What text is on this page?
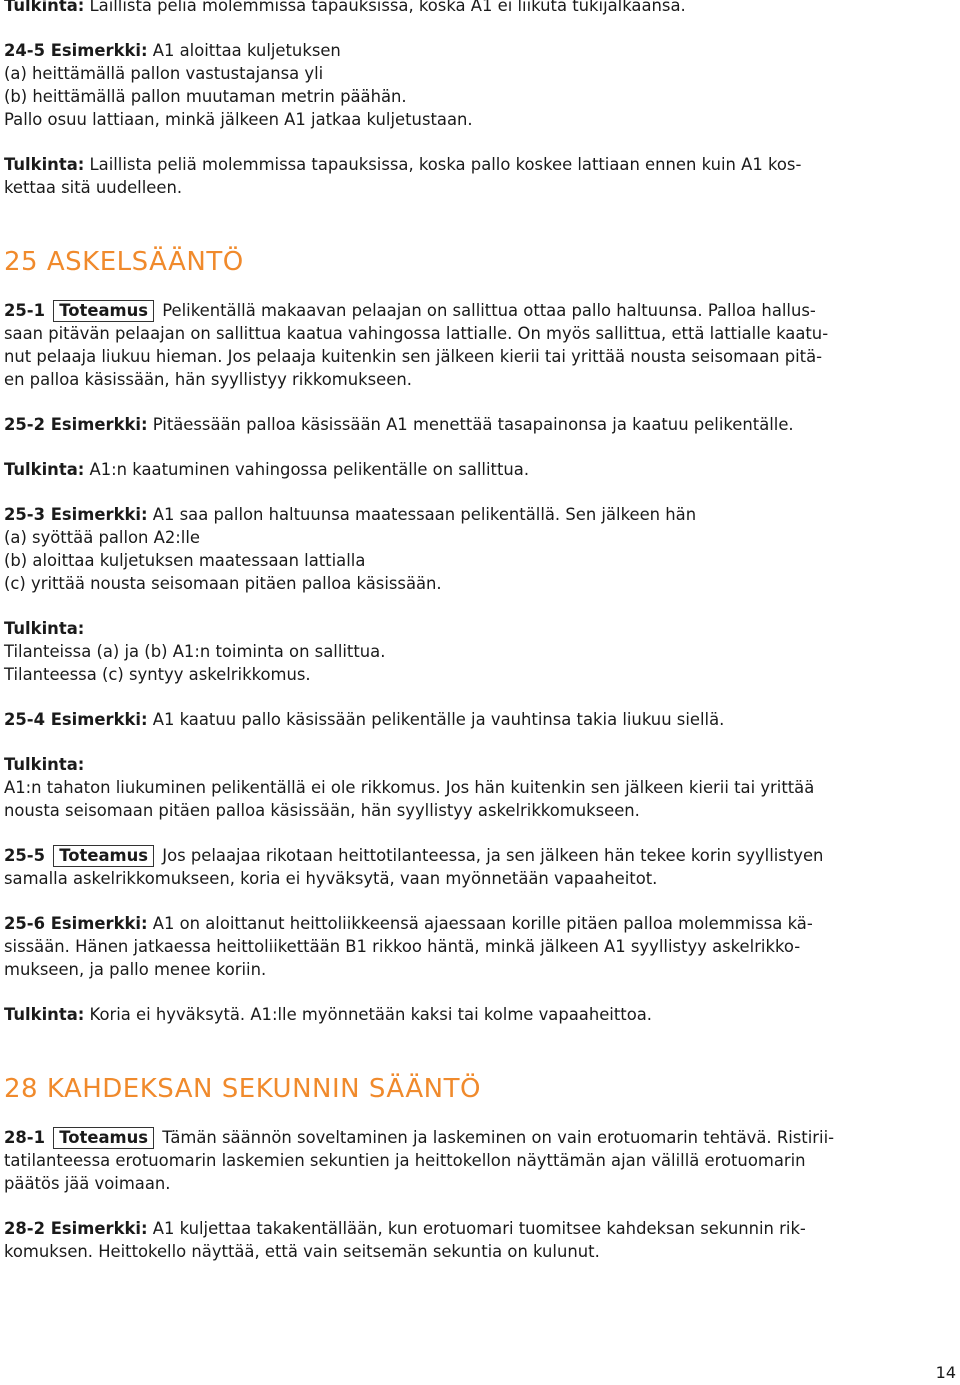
Tulkinta: Laillista peliä molemmissa tapauksissa, koska A1 ei liikuta tukijalkaansa.

24-5 Esimerkki: A1 aloittaa kuljetuksen
(a) heittämällä pallon vastustajansa yli
(b) heittämällä pallon muutaman metrin päähän.
Pallo osuu lattiaan, minkä jälkeen A1 jatkaa kuljetustaan.
Tulkinta: Laillista peliä molemmissa tapauksissa, koska pallo koskee lattiaan ennen kuin A1 kos-
kettaa sitä uudelleen.
25 ASKELSÄÄNTÖ
25-1 Toteamus Pelikentällä makaavan pelaajan on sallittua ottaa pallo haltuunsa. Palloa hallus-
saan pitävän pelaajan on sallittua kaatua vahingossa lattialle. On myös sallittua, että lattialle kaatu-
nut pelaaja liukuu hieman. Jos pelaaja kuitenkin sen jälkeen kierii tai yrittää nousta seisomaan pitä-
en palloa käsissään, hän syyllistyy rikkomukseen.

25-2 Esimerkki: Pitäessään palloa käsissään A1 menettää tasapainonsa ja kaatuu pelikentälle.

Tulkinta: A1:n kaatuminen vahingossa pelikentälle on sallittua.

25-3 Esimerkki: A1 saa pallon haltuunsa maatessaan pelikentällä. Sen jälkeen hän
(a) syöttää pallon A2:lle
(b) aloittaa kuljetuksen maatessaan lattialla
(c) yrittää nousta seisomaan pitäen palloa käsissään.
Tulkinta:
Tilanteissa (a) ja (b) A1:n toiminta on sallittua.
Tilanteessa (c) syntyy askelrikkomus.

25-4 Esimerkki: A1 kaatuu pallo käsissään pelikentälle ja vauhtinsa takia liukuu siellä.

Tulkinta:
A1:n tahaton liukuminen pelikentällä ei ole rikkomus. Jos hän kuitenkin sen jälkeen kierii tai yrittää
nousta seisomaan pitäen palloa käsissään, hän syyllistyy askelrikkomukseen.
25-5 Toteamus Jos pelaajaa rikotaan heittotilanteessa, ja sen jälkeen hän tekee korin syyllistyen
samalla askelrikkomukseen, koria ei hyväksytä, vaan myönnetään vapaaheitot.
25-6 Esimerkki: A1 on aloittanut heittoliikkeensä ajaessaan korille pitäen palloa molemmissa kä-
sissään. Hänen jatkaessa heittoliikettään B1 rikkoo häntä, minkä jälkeen A1 syyllistyy askelrikko-
mukseen, ja pallo menee koriin.

Tulkinta: Koria ei hyväksytä. A1:lle myönnetään kaksi tai kolme vapaaheittoa.

28 KAHDEKSAN SEKUNNIN SÄÄNTÖ
28-1 Toteamus Tämän säännön soveltaminen ja laskeminen on vain erotuomarin tehtävä. Ristirii-
tatilanteessa erotuomarin laskemien sekuntien ja heittokellon näyttämän ajan välillä erotuomarin
päätös jää voimaan.
28-2 Esimerkki: A1 kuljettaa takakentällään, kun erotuomari tuomitsee kahdeksan sekunnin rik-
komuksen. Heittokello näyttää, että vain seitsemän sekuntia on kulunut.
14
